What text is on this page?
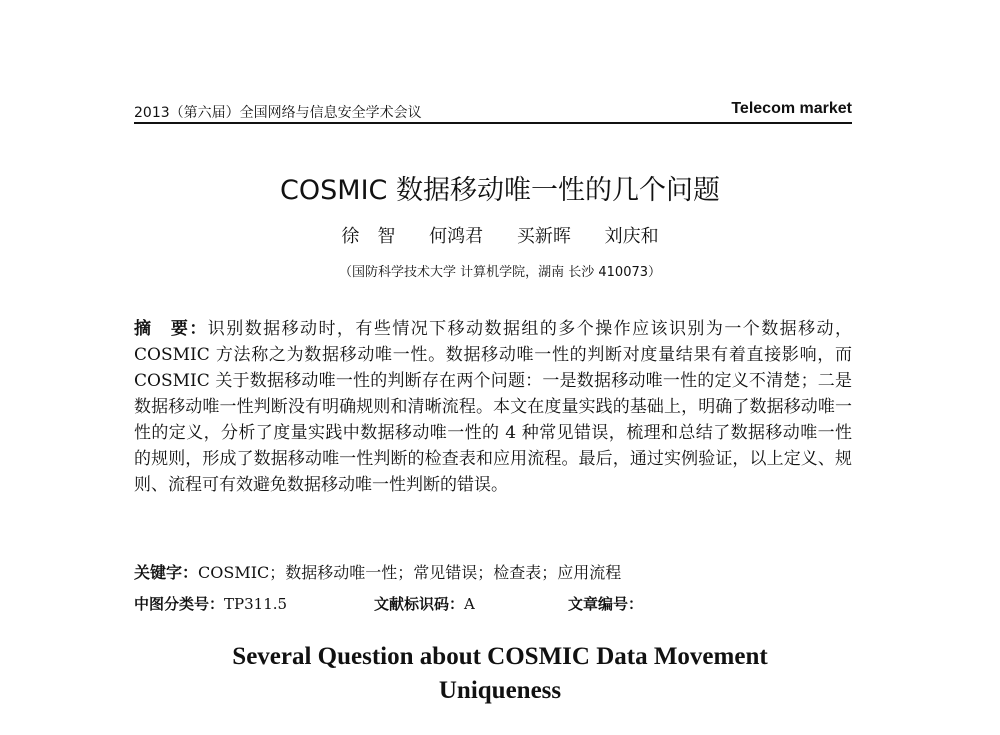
2013（第六届）全国网络与信息安全学术会议	Telecom market
COSMIC 数据移动唯一性的几个问题
徐　智 何鸿君 买新晖 刘庆和
（国防科学技术大学 计算机学院，湖南 长沙 410073）
摘　要：识别数据移动时，有些情况下移动数据组的多个操作应该识别为一个数据移动，COSMIC 方法称之为数据移动唯一性。数据移动唯一性的判断对度量结果有着直接影响，而 COSMIC 关于数据移动唯一性的判断存在两个问题：一是数据移动唯一性的定义不清楚；二是数据移动唯一性判断没有明确规则和清晰流程。本文在度量实践的基础上，明确了数据移动唯一性的定义，分析了度量实践中数据移动唯一性的 4 种常见错误，梳理和总结了数据移动唯一性的规则，形成了数据移动唯一性判断的检查表和应用流程。最后，通过实例验证，以上定义、规则、流程可有效避免数据移动唯一性判断的错误。
关键字：COSMIC；数据移动唯一性；常见错误；检查表；应用流程
中图分类号：TP311.5	文献标识码：A	文章编号：
Several Question about COSMIC Data Movement
Uniqueness
